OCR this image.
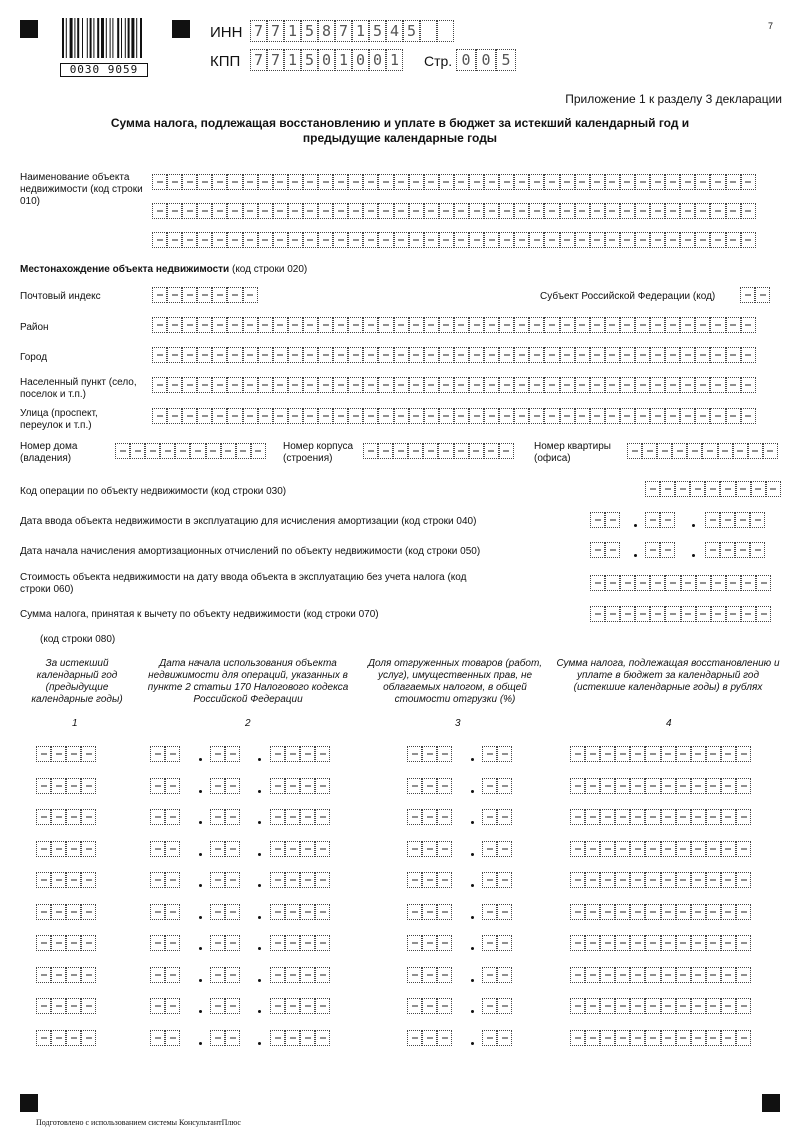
0030 9059
ИНН 7 7 1 5 8 7 1 5 4 5
КПП 7 7 1 5 0 1 0 0 1 Стр. 0 0 5
7
Приложение 1 к разделу 3 декларации
Сумма налога, подлежащая восстановлению и уплате в бюджет за истекший календарный год и предыдущие календарные годы
Наименование объекта недвижимости (код строки 010)
Местонахождение объекта недвижимости (код строки 020)
Почтовый индекс	Субъект Российской Федерации (код)
Район
Город
Населенный пункт (село, поселок и т.п.)
Улица (проспект, переулок и т.п.)
Номер дома (владения)
Номер корпуса (строения)
Номер квартиры (офиса)
Код операции по объекту недвижимости (код строки 030)
Дата ввода объекта недвижимости в эксплуатацию для исчисления амортизации (код строки 040)
Дата начала начисления амортизационных отчислений по объекту недвижимости (код строки 050)
Стоимость объекта недвижимости на дату ввода объекта в эксплуатацию без учета налога (код строки 060)
Сумма налога, принятая к вычету по объекту недвижимости (код строки 070)
(код строки 080)
За истекший календарный год (предыдущие календарные годы)
Дата начала использования объекта недвижимости для операций, указанных в пункте 2 статьи 170 Налогового кодекса Российской Федерации
Доля отгруженных товаров (работ, услуг), имущественных прав, не облагаемых налогом, в общей стоимости отгрузки (%)
Сумма налога, подлежащая восстановлению и уплате в бюджет за календарный год (истекшие календарные годы) в рублях
1	2	3	4
Подготовлено с использованием системы КонсультантПлюс
